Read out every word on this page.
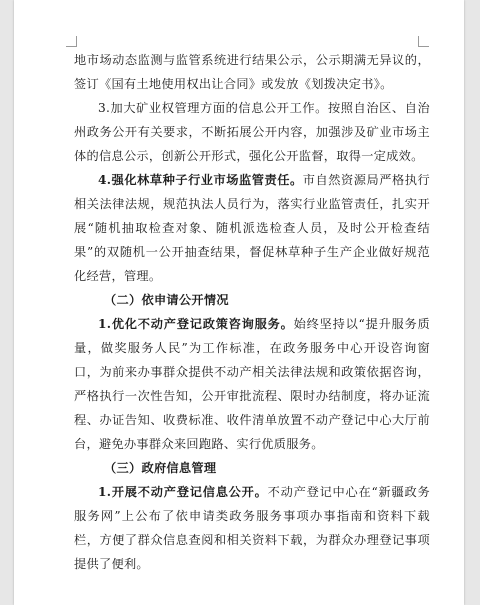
地市场动态监测与监管系统进行结果公示，公示期满无异议的，签订《国有土地使用权出让合同》或发放《划拨决定书》。

3.加大矿业权管理方面的信息公开工作。按照自治区、自治州政务公开有关要求，不断拓展公开内容，加强涉及矿业市场主体的信息公示，创新公开形式，强化公开监督，取得一定成效。

4.强化林草种子行业市场监管责任。市自然资源局严格执行相关法律法规，规范执法人员行为，落实行业监管责任，扎实开展“随机抽取检查对象、随机派选检查人员，及时公开检查结果”的双随机一公开抽查结果，督促林草种子生产企业做好规范化经营，管理。

（二）依申请公开情况

1.优化不动产登记政策咨询服务。始终坚持以“提升服务质量，做奖服务人民”为工作标准，在政务服务中心开设咨询窗口，为前来办事群众提供不动产相关法律法规和政策依据咨询，严格执行一次性告知，公开审批流程、限时办结制度，将办证流程、办证告知、收费标准、收件清单放置不动产登记中心大厅前台，避免办事群众来回跑路、实行优质服务。

（三）政府信息管理

1.开展不动产登记信息公开。不动产登记中心在“新疆政务服务网”上公布了依申请类政务服务事项办事指南和资料下载栏，方便了群众信息查阅和相关资料下载，为群众办理登记事项提供了便利。
